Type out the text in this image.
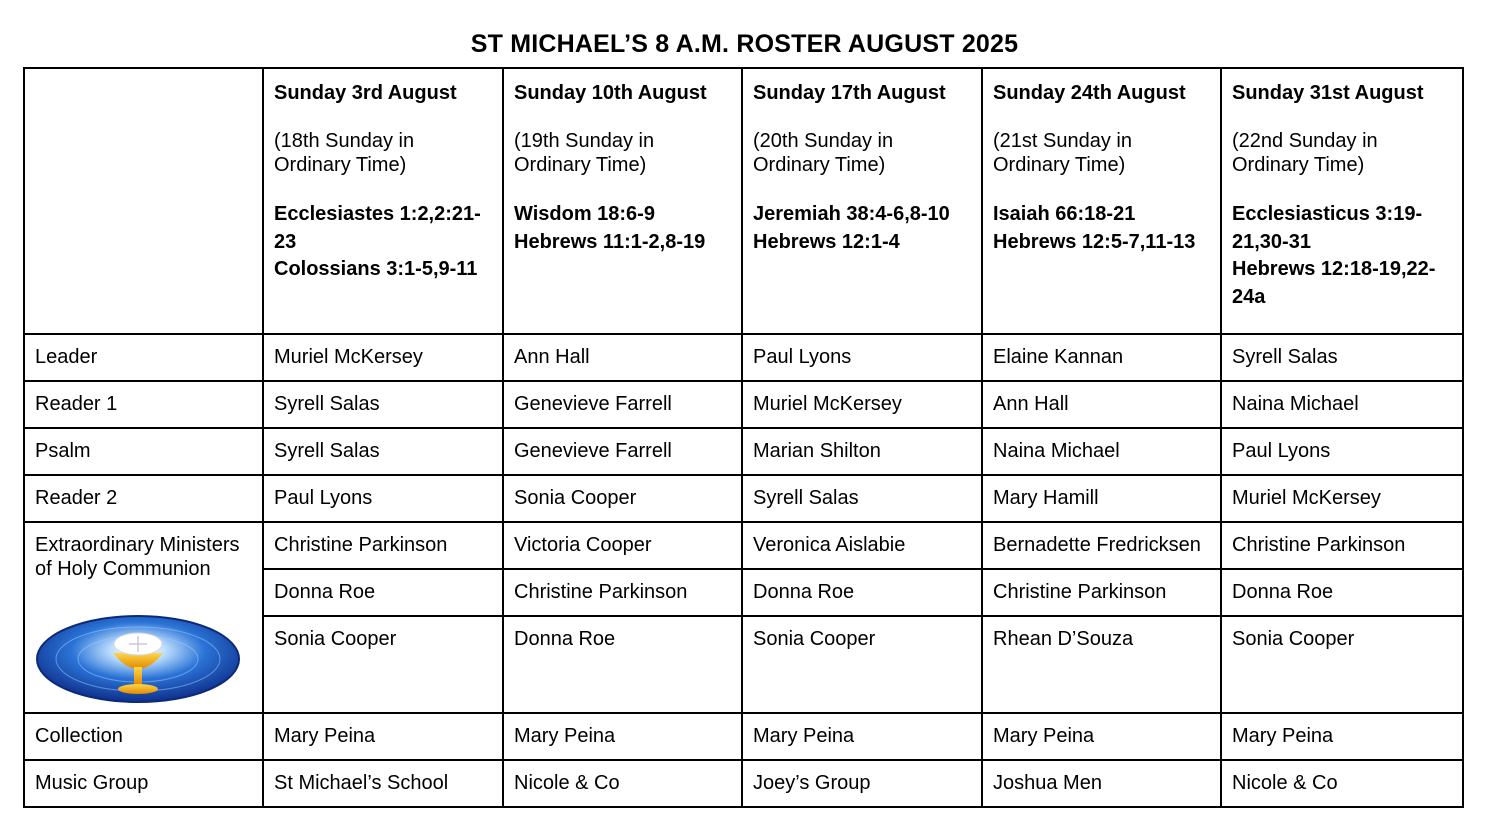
ST MICHAEL’S 8 A.M. ROSTER AUGUST 2025

	Sunday 3rd August
(18th Sunday in Ordinary Time)
Ecclesiastes 1:2,2:21-23
Colossians 3:1-5,9-11	Sunday 10th August
(19th Sunday in Ordinary Time)
Wisdom 18:6-9
Hebrews 11:1-2,8-19	Sunday 17th August
(20th Sunday in Ordinary Time)
Jeremiah 38:4-6,8-10
Hebrews 12:1-4	Sunday 24th August
(21st Sunday in Ordinary Time)
Isaiah 66:18-21
Hebrews 12:5-7,11-13	Sunday 31st August
(22nd Sunday in Ordinary Time)
Ecclesiasticus 3:19-21,30-31
Hebrews 12:18-19,22-24a

Leader	Muriel McKersey	Ann Hall	Paul Lyons	Elaine Kannan	Syrell Salas
Reader 1	Syrell Salas	Genevieve Farrell	Muriel McKersey	Ann Hall	Naina Michael
Psalm	Syrell Salas	Genevieve Farrell	Marian Shilton	Naina Michael	Paul Lyons
Reader 2	Paul Lyons	Sonia Cooper	Syrell Salas	Mary Hamill	Muriel McKersey

Extraordinary Ministers of Holy Communion	Christine Parkinson	Victoria Cooper	Veronica Aislabie	Bernadette Fredricksen	Christine Parkinson
	Donna Roe	Christine Parkinson	Donna Roe	Christine Parkinson	Donna Roe
	Sonia Cooper	Donna Roe	Sonia Cooper	Rhean D’Souza	Sonia Cooper
Collection	Mary Peina	Mary Peina	Mary Peina	Mary Peina	Mary Peina
Music Group	St Michael’s School	Nicole & Co	Joey’s Group	Joshua Men	Nicole & Co
